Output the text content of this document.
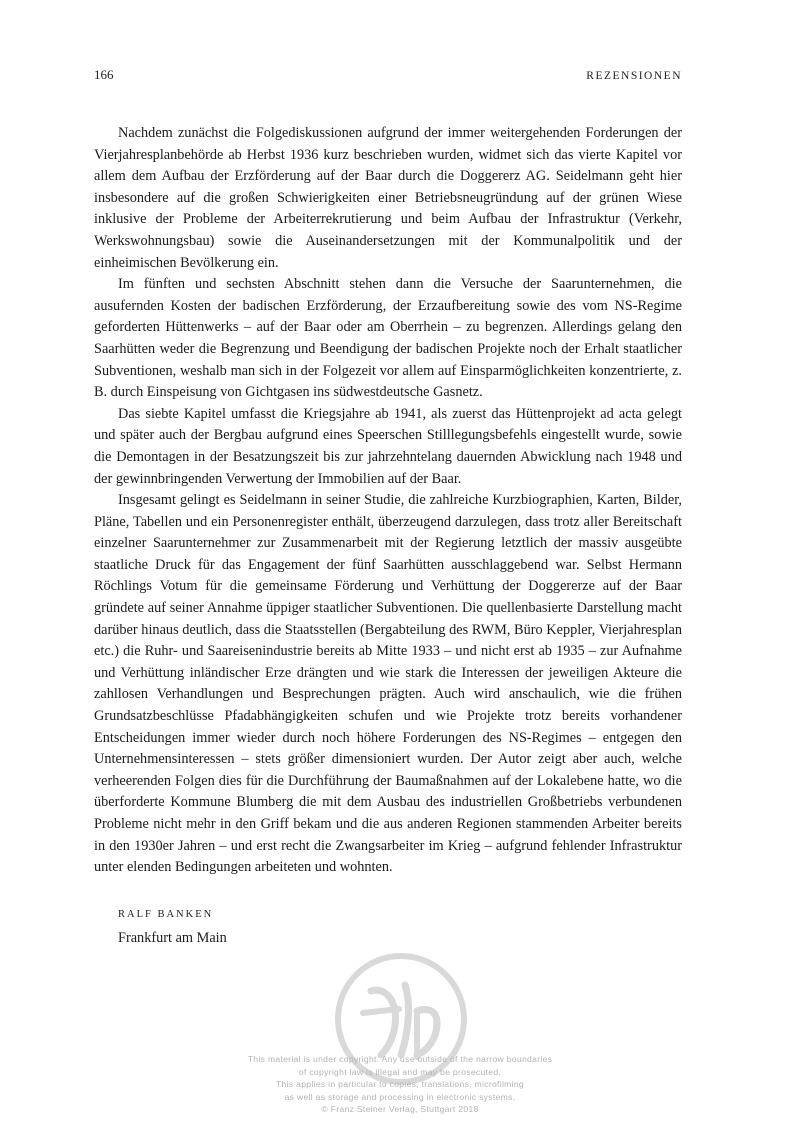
166	REZENSIONEN

Nachdem zunächst die Folgediskussionen aufgrund der immer weitergehenden Forderungen der Vierjahresplanbehörde ab Herbst 1936 kurz beschrieben wurden, widmet sich das vierte Kapitel vor allem dem Aufbau der Erzförderung auf der Baar durch die Doggererz AG. Seidelmann geht hier insbesondere auf die großen Schwierigkeiten einer Betriebsneugründung auf der grünen Wiese inklusive der Probleme der Arbeiterrekrutierung und beim Aufbau der Infrastruktur (Verkehr, Werkswohnungsbau) sowie die Auseinandersetzungen mit der Kommunalpolitik und der einheimischen Bevölkerung ein.

Im fünften und sechsten Abschnitt stehen dann die Versuche der Saarunternehmen, die ausufernden Kosten der badischen Erzförderung, der Erzaufbereitung sowie des vom NS-Regime geforderten Hüttenwerks – auf der Baar oder am Oberrhein – zu begrenzen. Allerdings gelang den Saarhütten weder die Begrenzung und Beendigung der badischen Projekte noch der Erhalt staatlicher Subventionen, weshalb man sich in der Folgezeit vor allem auf Einsparmöglichkeiten konzentrierte, z. B. durch Einspeisung von Gichtgasen ins südwestdeutsche Gasnetz.

Das siebte Kapitel umfasst die Kriegsjahre ab 1941, als zuerst das Hüttenprojekt ad acta gelegt und später auch der Bergbau aufgrund eines Speerschen Stilllegungsbefehls eingestellt wurde, sowie die Demontagen in der Besatzungszeit bis zur jahrzehntelang dauernden Abwicklung nach 1948 und der gewinnbringenden Verwertung der Immobilien auf der Baar.

Insgesamt gelingt es Seidelmann in seiner Studie, die zahlreiche Kurzbiographien, Karten, Bilder, Pläne, Tabellen und ein Personenregister enthält, überzeugend darzulegen, dass trotz aller Bereitschaft einzelner Saarunternehmer zur Zusammenarbeit mit der Regierung letztlich der massiv ausgeübte staatliche Druck für das Engagement der fünf Saarhütten ausschlaggebend war. Selbst Hermann Röchlings Votum für die gemeinsame Förderung und Verhüttung der Doggererze auf der Baar gründete auf seiner Annahme üppiger staatlicher Subventionen. Die quellenbasierte Darstellung macht darüber hinaus deutlich, dass die Staatsstellen (Bergabteilung des RWM, Büro Keppler, Vierjahresplan etc.) die Ruhr- und Saareisenindustrie bereits ab Mitte 1933 – und nicht erst ab 1935 – zur Aufnahme und Verhüttung inländischer Erze drängten und wie stark die Interessen der jeweiligen Akteure die zahllosen Verhandlungen und Besprechungen prägten. Auch wird anschaulich, wie die frühen Grundsatzbeschlüsse Pfadabhängigkeiten schufen und wie Projekte trotz bereits vorhandener Entscheidungen immer wieder durch noch höhere Forderungen des NS-Regimes – entgegen den Unternehmensinteressen – stets größer dimensioniert wurden. Der Autor zeigt aber auch, welche verheerenden Folgen dies für die Durchführung der Baumaßnahmen auf der Lokalebene hatte, wo die überforderte Kommune Blumberg die mit dem Ausbau des industriellen Großbetriebs verbundenen Probleme nicht mehr in den Griff bekam und die aus anderen Regionen stammenden Arbeiter bereits in den 1930er Jahren – und erst recht die Zwangsarbeiter im Krieg – aufgrund fehlender Infrastruktur unter elenden Bedingungen arbeiteten und wohnten.

RALF BANKEN
Frankfurt am Main
This material is under copyright. Any use outside of the narrow boundaries
of copyright law is illegal and may be prosecuted.
This applies in particular to copies, translations, microfilming
as well as storage and processing in electronic systems.
© Franz Steiner Verlag, Stuttgart 2018
